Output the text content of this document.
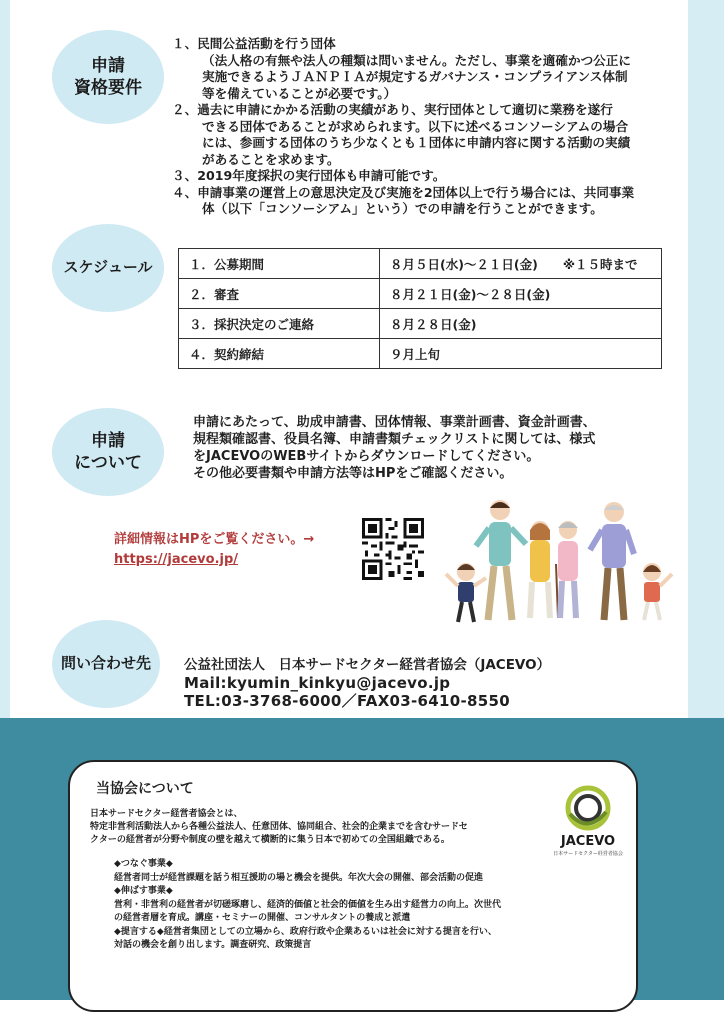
申請
資格要件
１、民間公益活動を行う団体
（法人格の有無や法人の種類は問いません。ただし、事業を適確かつ公正に
実施できるようＪＡＮＰＩＡが規定するガバナンス・コンプライアンス体制
等を備えていることが必要です。）
２、過去に申請にかかる活動の実績があり、実行団体として適切に業務を遂行
できる団体であることが求められます。以下に述べるコンソーシアムの場合
には、参画する団体のうち少なくとも１団体に申請内容に関する活動の実績
があることを求めます。
３、2019年度採択の実行団体も申請可能です。
４、申請事業の運営上の意思決定及び実施を2団体以上で行う場合には、共同事業
体（以下「コンソーシアム」という）での申請を行うことができます。
スケジュール	１．公募期間	８月５日(水)～２１日(金)　　※１５時まで
２．審査	８月２１日(金)～２８日(金)
３．採択決定のご連絡	８月２８日(金)
４．契約締結	９月上旬
申請
について
申請にあたって、助成申請書、団体情報、事業計画書、資金計画書、
規程類確認書、役員名簿、申請書類チェックリストに関しては、様式
をJACEVOのWEBサイトからダウンロードしてください。
その他必要書類や申請方法等はHPをご確認ください。
詳細情報はHPをご覧ください。→
https://jacevo.jp/
問い合わせ先 公益社団法人　日本サードセクター経営者協会（JACEVO）
Mail:kyumin_kinkyu@jacevo.jp
TEL:03-3768-6000／FAX03-6410-8550
当協会について
日本サードセクター経営者協会とは、
特定非営利活動法人から各種公益法人、任意団体、協同組合、社会的企業までを含むサードセ
クターの経営者が分野や制度の壁を越えて横断的に集う日本で初めての全国組織である。
◆つなぐ事業◆
経営者同士が経営課題を話う相互援助の場と機会を提供。年次大会の開催、部会活動の促進
◆伸ばす事業◆
営利・非営利の経営者が切磋琢磨し、経済的価値と社会的価値を生み出す経営力の向上。次世代
の経営者層を育成。講座・セミナーの開催、コンサルタントの養成と派遣
◆提言する◆経営者集団としての立場から、政府行政や企業あるいは社会に対する提言を行い、
対話の機会を創り出します。調査研究、政策提言
JACEVO
日本サードセクター経営者協会
